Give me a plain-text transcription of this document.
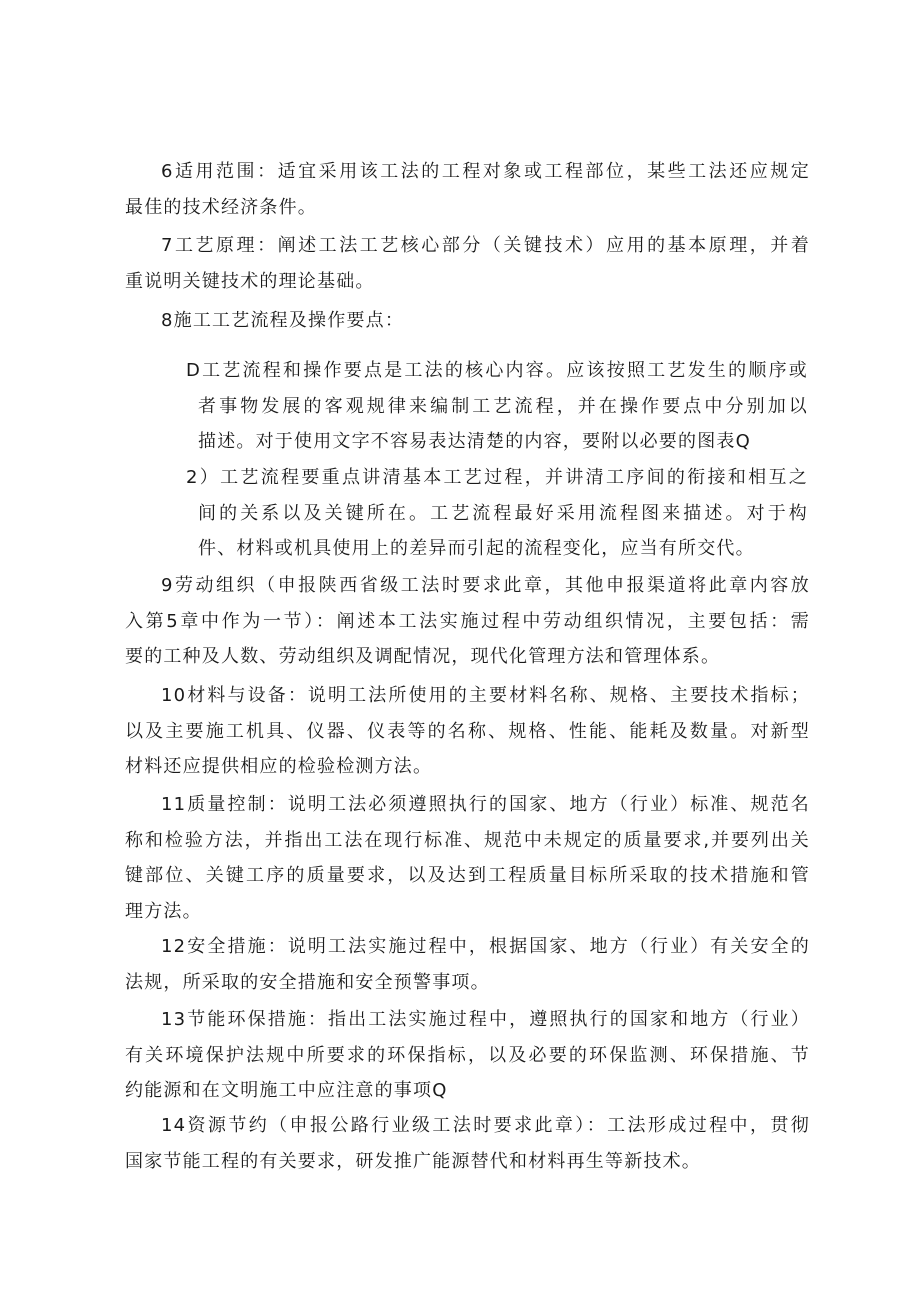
6适用范围：适宜采用该工法的工程对象或工程部位，某些工法还应规定
最佳的技术经济条件。

7工艺原理：阐述工法工艺核心部分（关键技术）应用的基本原理，并着
重说明关键技术的理论基础。

8施工工艺流程及操作要点：

D工艺流程和操作要点是工法的核心内容。应该按照工艺发生的顺序或
者事物发展的客观规律来编制工艺流程，并在操作要点中分别加以
描述。对于使用文字不容易表达清楚的内容，要附以必要的图表Q

2）工艺流程要重点讲清基本工艺过程，并讲清工序间的衔接和相互之
间的关系以及关键所在。工艺流程最好采用流程图来描述。对于构
件、材料或机具使用上的差异而引起的流程变化，应当有所交代。

9劳动组织（申报陕西省级工法时要求此章，其他申报渠道将此章内容放
入第5章中作为一节）：阐述本工法实施过程中劳动组织情况，主要包括：需
要的工种及人数、劳动组织及调配情况，现代化管理方法和管理体系。

10材料与设备：说明工法所使用的主要材料名称、规格、主要技术指标；
以及主要施工机具、仪器、仪表等的名称、规格、性能、能耗及数量。对新型
材料还应提供相应的检验检测方法。

11质量控制：说明工法必须遵照执行的国家、地方（行业）标准、规范名
称和检验方法，并指出工法在现行标准、规范中未规定的质量要求,并要列出关
键部位、关键工序的质量要求，以及达到工程质量目标所采取的技术措施和管
理方法。

12安全措施：说明工法实施过程中，根据国家、地方（行业）有关安全的
法规，所采取的安全措施和安全预警事项。

13节能环保措施：指出工法实施过程中，遵照执行的国家和地方（行业）
有关环境保护法规中所要求的环保指标，以及必要的环保监测、环保措施、节
约能源和在文明施工中应注意的事项Q

14资源节约（申报公路行业级工法时要求此章）：工法形成过程中，贯彻
国家节能工程的有关要求，研发推广能源替代和材料再生等新技术。
